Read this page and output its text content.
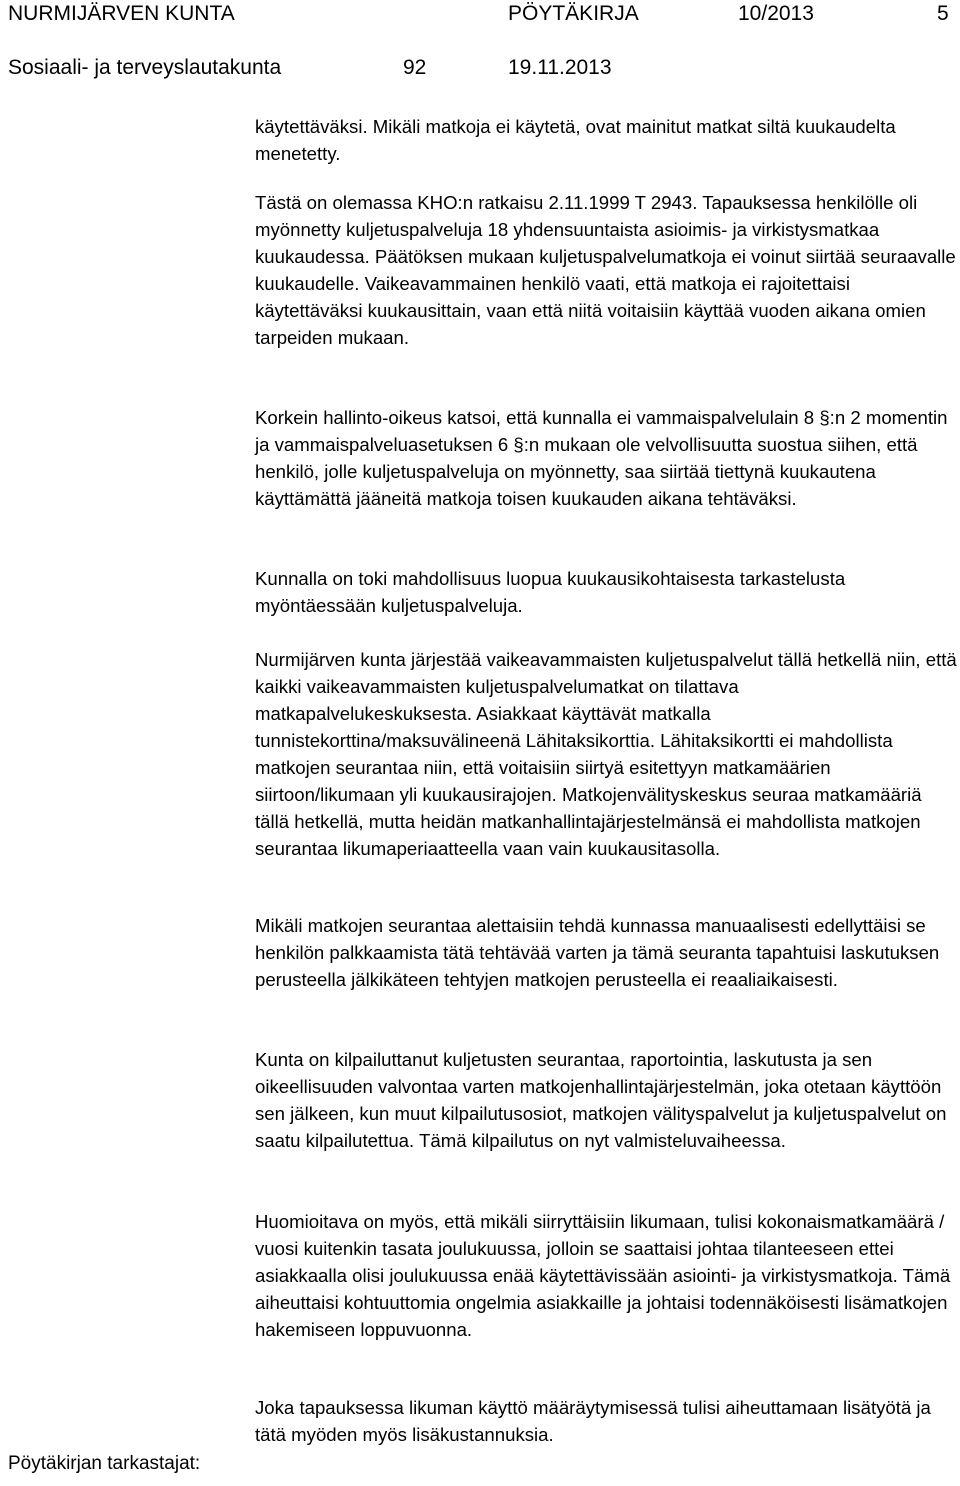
NURMIJÄRVEN KUNTA	PÖYTÄKIRJA	10/2013	5
Sosiaali- ja terveyslautakunta	92	19.11.2013

käytettäväksi. Mikäli matkoja ei käytetä, ovat mainitut matkat siltä kuukaudelta menetetty.

Tästä on olemassa KHO:n ratkaisu 2.11.1999 T 2943. Tapauksessa henkilölle oli myönnetty kuljetuspalveluja 18 yhdensuuntaista asioimis- ja virkistysmatkaa kuukaudessa. Päätöksen mukaan kuljetuspalvelumatkoja ei voinut siirtää seuraavalle kuukaudelle. Vaikeavammainen henkilö vaati, että matkoja ei rajoitettaisi käytettäväksi kuukausittain, vaan että niitä voitaisiin käyttää vuoden aikana omien tarpeiden mukaan.

Korkein hallinto-oikeus katsoi, että kunnalla ei vammaispalvelulain 8 §:n 2 momentin ja vammaispalveluasetuksen 6 §:n mukaan ole velvollisuutta suostua siihen, että henkilö, jolle kuljetuspalveluja on myönnetty, saa siirtää tiettynä kuukautena käyttämättä jääneitä matkoja toisen kuukauden aikana tehtäväksi.

Kunnalla on toki mahdollisuus luopua kuukausikohtaisesta tarkastelusta myöntäessään kuljetuspalveluja.

Nurmijärven kunta järjestää vaikeavammaisten kuljetuspalvelut tällä hetkellä niin, että kaikki vaikeavammaisten kuljetuspalvelumatkat on tilattava matkapalvelukeskuksesta. Asiakkaat käyttävät matkalla tunnistekorttina/maksuvälineenä Lähitaksikorttia. Lähitaksikortti ei mahdollista matkojen seurantaa niin, että voitaisiin siirtyä esitettyyn matkamäärien siirtoon/likumaan yli kuukausirajojen. Matkojenvälityskeskus seuraa matkamääriä tällä hetkellä, mutta heidän matkanhallintajärjestelmänsä ei mahdollista matkojen seurantaa likumaperiaatteella vaan vain kuukausitasolla.

Mikäli matkojen seurantaa alettaisiin tehdä kunnassa manuaalisesti edellyttäisi se henkilön palkkaamista tätä tehtävää varten ja tämä seuranta tapahtuisi laskutuksen perusteella jälkikäteen tehtyjen matkojen perusteella ei reaaliaikaisesti.

Kunta on kilpailuttanut kuljetusten seurantaa, raportointia, laskutusta ja sen oikeellisuuden valvontaa varten matkojenhallintajärjestelmän, joka otetaan käyttöön sen jälkeen, kun muut kilpailutusosiot, matkojen välityspalvelut ja kuljetuspalvelut on saatu kilpailutettua. Tämä kilpailutus on nyt valmisteluvaiheessa.

Huomioitava on myös, että mikäli siirryttäisiin likumaan, tulisi kokonaismatkamäärä / vuosi kuitenkin tasata joulukuussa, jolloin se saattaisi johtaa tilanteeseen ettei asiakkaalla olisi joulukuussa enää käytettävissään asiointi- ja virkistysmatkoja. Tämä aiheuttaisi kohtuuttomia ongelmia asiakkaille ja johtaisi todennäköisesti lisämatkojen hakemiseen loppuvuonna.

Joka tapauksessa likuman käyttö määräytymisessä tulisi aiheuttamaan lisätyötä ja tätä myöden myös lisäkustannuksia.

Pöytäkirjan tarkastajat:
